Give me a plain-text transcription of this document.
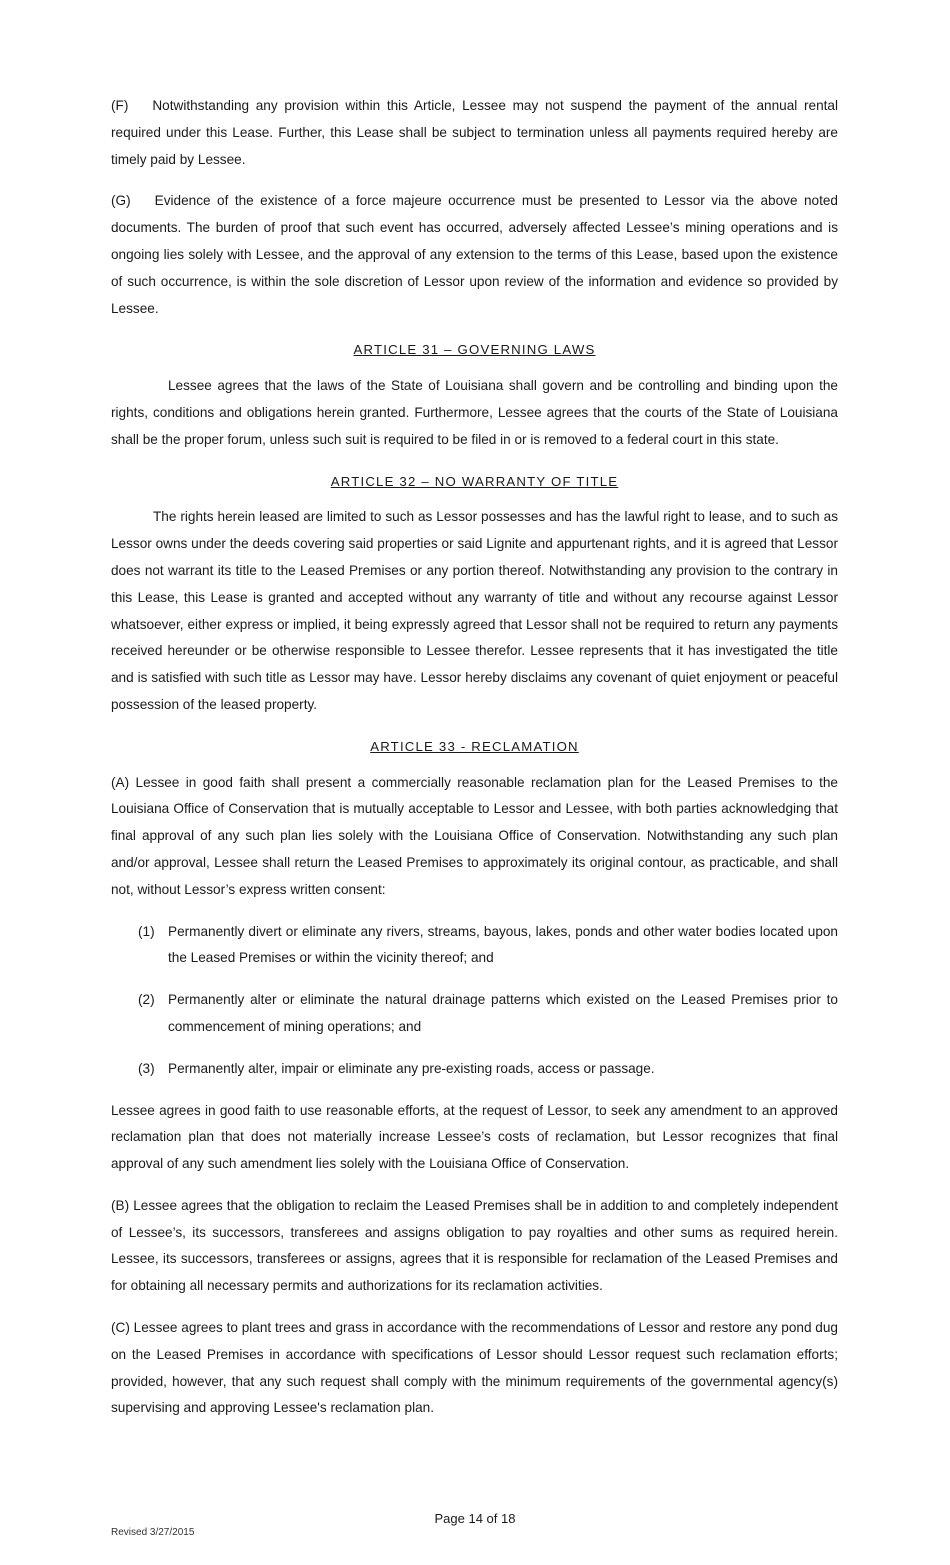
(F) Notwithstanding any provision within this Article, Lessee may not suspend the payment of the annual rental required under this Lease. Further, this Lease shall be subject to termination unless all payments required hereby are timely paid by Lessee.

(G) Evidence of the existence of a force majeure occurrence must be presented to Lessor via the above noted documents. The burden of proof that such event has occurred, adversely affected Lessee’s mining operations and is ongoing lies solely with Lessee, and the approval of any extension to the terms of this Lease, based upon the existence of such occurrence, is within the sole discretion of Lessor upon review of the information and evidence so provided by Lessee.

ARTICLE 31 – GOVERNING LAWS

Lessee agrees that the laws of the State of Louisiana shall govern and be controlling and binding upon the rights, conditions and obligations herein granted. Furthermore, Lessee agrees that the courts of the State of Louisiana shall be the proper forum, unless such suit is required to be filed in or is removed to a federal court in this state.

ARTICLE 32 – NO WARRANTY OF TITLE

The rights herein leased are limited to such as Lessor possesses and has the lawful right to lease, and to such as Lessor owns under the deeds covering said properties or said Lignite and appurtenant rights, and it is agreed that Lessor does not warrant its title to the Leased Premises or any portion thereof. Notwithstanding any provision to the contrary in this Lease, this Lease is granted and accepted without any warranty of title and without any recourse against Lessor whatsoever, either express or implied, it being expressly agreed that Lessor shall not be required to return any payments received hereunder or be otherwise responsible to Lessee therefor. Lessee represents that it has investigated the title and is satisfied with such title as Lessor may have. Lessor hereby disclaims any covenant of quiet enjoyment or peaceful possession of the leased property.

ARTICLE 33 - RECLAMATION

(A) Lessee in good faith shall present a commercially reasonable reclamation plan for the Leased Premises to the Louisiana Office of Conservation that is mutually acceptable to Lessor and Lessee, with both parties acknowledging that final approval of any such plan lies solely with the Louisiana Office of Conservation. Notwithstanding any such plan and/or approval, Lessee shall return the Leased Premises to approximately its original contour, as practicable, and shall not, without Lessor’s express written consent:

(1) Permanently divert or eliminate any rivers, streams, bayous, lakes, ponds and other water bodies located upon the Leased Premises or within the vicinity thereof; and
(2) Permanently alter or eliminate the natural drainage patterns which existed on the Leased Premises prior to commencement of mining operations; and
(3) Permanently alter, impair or eliminate any pre-existing roads, access or passage.

Lessee agrees in good faith to use reasonable efforts, at the request of Lessor, to seek any amendment to an approved reclamation plan that does not materially increase Lessee’s costs of reclamation, but Lessor recognizes that final approval of any such amendment lies solely with the Louisiana Office of Conservation.

(B) Lessee agrees that the obligation to reclaim the Leased Premises shall be in addition to and completely independent of Lessee’s, its successors, transferees and assigns obligation to pay royalties and other sums as required herein. Lessee, its successors, transferees or assigns, agrees that it is responsible for reclamation of the Leased Premises and for obtaining all necessary permits and authorizations for its reclamation activities.

(C) Lessee agrees to plant trees and grass in accordance with the recommendations of Lessor and restore any pond dug on the Leased Premises in accordance with specifications of Lessor should Lessor request such reclamation efforts; provided, however, that any such request shall comply with the minimum requirements of the governmental agency(s) supervising and approving Lessee's reclamation plan.

Page 14 of 18
Revised 3/27/2015
